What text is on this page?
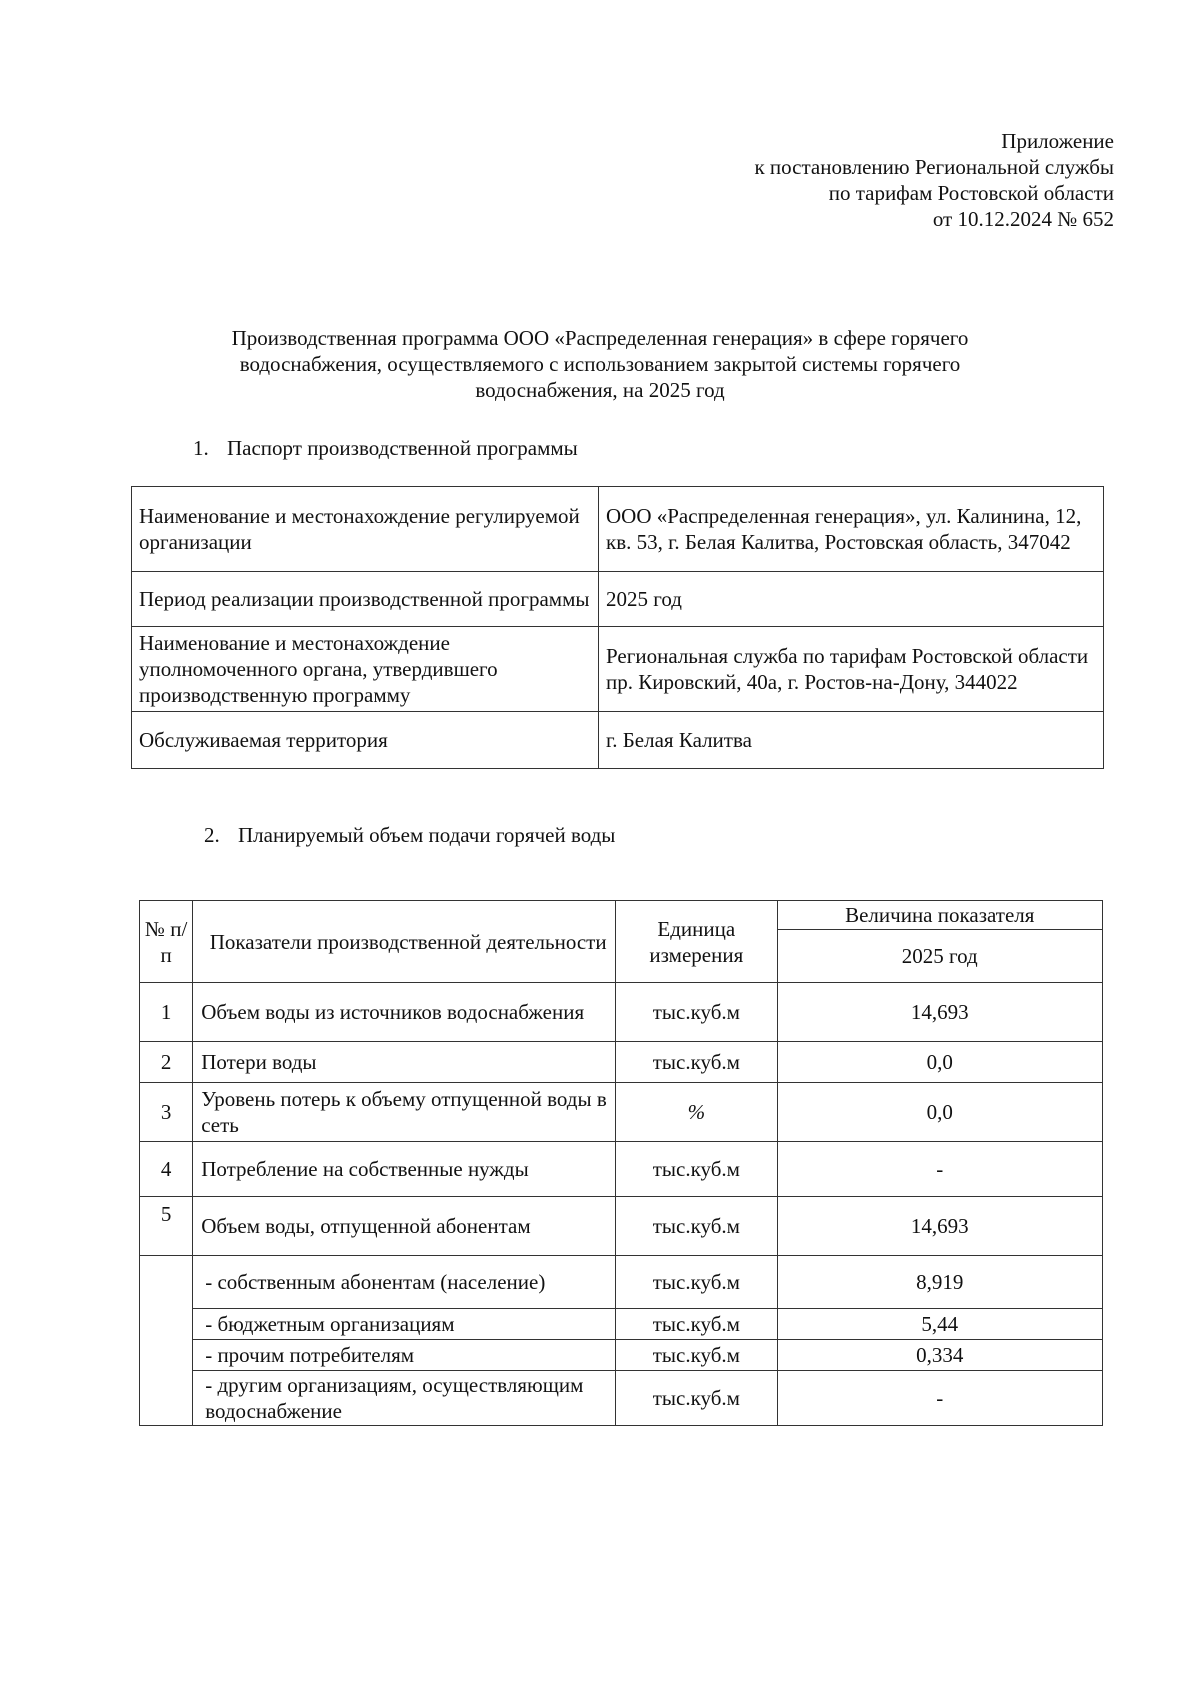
Приложение
к постановлению Региональной службы
по тарифам Ростовской области
от 10.12.2024 № 652
Производственная программа ООО «Распределенная генерация» в сфере горячего
водоснабжения, осуществляемого с использованием закрытой системы горячего
водоснабжения, на 2025 год
1. Паспорт производственной программы
Наименование и местонахождение регулируемой организации	ООО «Распределенная генерация», ул. Калинина, 12, кв. 53, г. Белая Калитва, Ростовская область, 347042
Период реализации производственной программы	2025 год
Наименование и местонахождение уполномоченного органа, утвердившего производственную программу	Региональная служба по тарифам Ростовской области
пр. Кировский, 40а, г. Ростов-на-Дону, 344022

Обслуживаемая территория	г. Белая Калитва
2. Планируемый объем подачи горячей воды
№ п/п	Показатели производственной деятельности	Единица измерения	Величина показателя
			2025 год
1	Объем воды из источников водоснабжения	тыс.куб.м	14,693
2	Потери воды	тыс.куб.м	0,0
3	Уровень потерь к объему отпущенной воды в сеть	%	0,0
4	Потребление на собственные нужды	тыс.куб.м	-
5	Объем воды, отпущенной абонентам	тыс.куб.м	14,693
	- собственным абонентам (население)	тыс.куб.м	8,919
	- бюджетным организациям	тыс.куб.м	5,44
	- прочим потребителям	тыс.куб.м	0,334
	- другим организациям, осуществляющим водоснабжение	тыс.куб.м	-
